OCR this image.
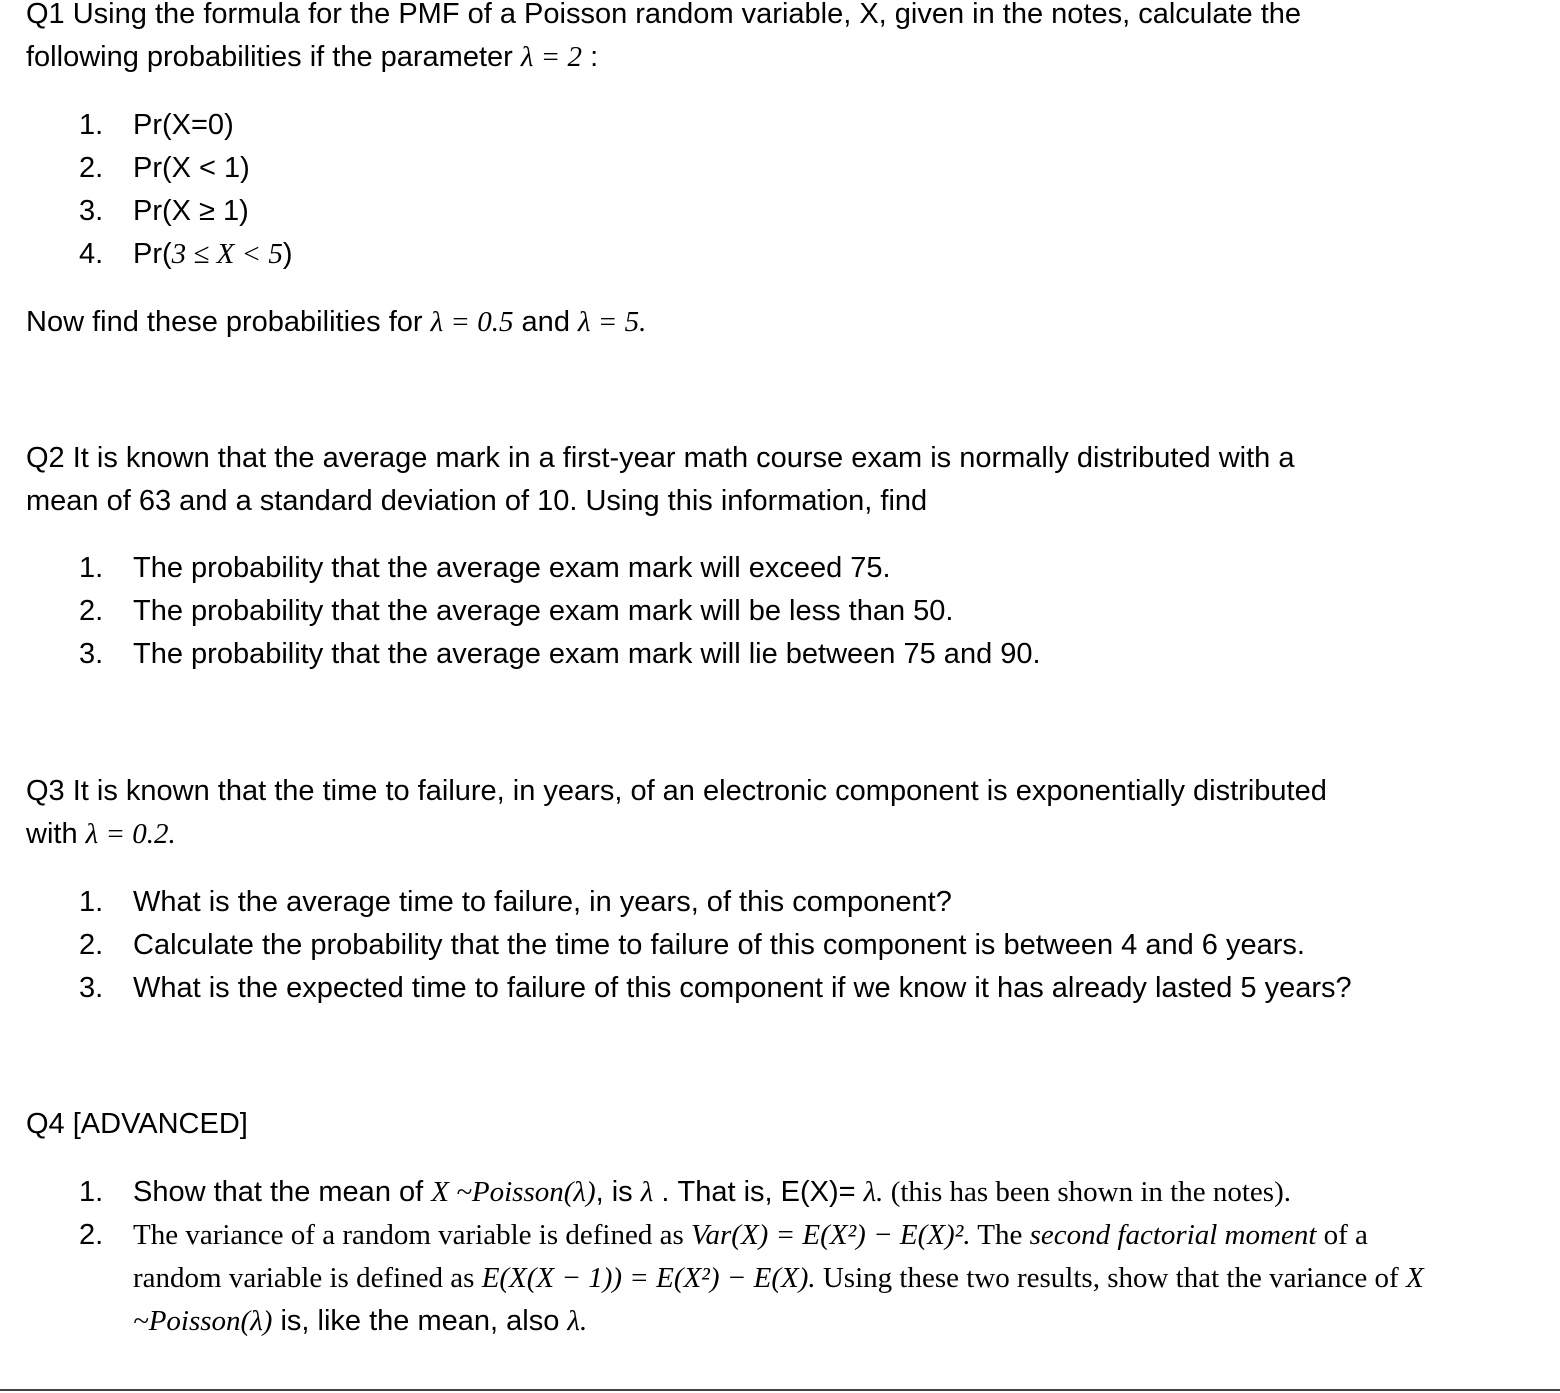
Q1 Using the formula for the PMF of a Poisson random variable, X, given in the notes, calculate the
following probabilities if the parameter λ = 2 :
1. Pr(X=0)
2. Pr(X < 1)
3. Pr(X ≥ 1)
4. Pr(3 ≤ X < 5)
Now find these probabilities for λ = 0.5 and λ = 5.
Q2 It is known that the average mark in a first-year math course exam is normally distributed with a
mean of 63 and a standard deviation of 10. Using this information, find
1. The probability that the average exam mark will exceed 75.
2. The probability that the average exam mark will be less than 50.
3. The probability that the average exam mark will lie between 75 and 90.
Q3 It is known that the time to failure, in years, of an electronic component is exponentially distributed
with λ = 0.2.
1. What is the average time to failure, in years, of this component?
2. Calculate the probability that the time to failure of this component is between 4 and 6 years.
3. What is the expected time to failure of this component if we know it has already lasted 5 years?
Q4 [ADVANCED]
1. Show that the mean of X ~Poisson(λ), is λ . That is, E(X)= λ. (this has been shown in the notes).
2. The variance of a random variable is defined as Var(X) = E(X²) − E(X)². The second factorial moment of a random variable is defined as E(X(X − 1)) = E(X²) − E(X). Using these two results, show that the variance of X ~Poisson(λ) is, like the mean, also λ.
